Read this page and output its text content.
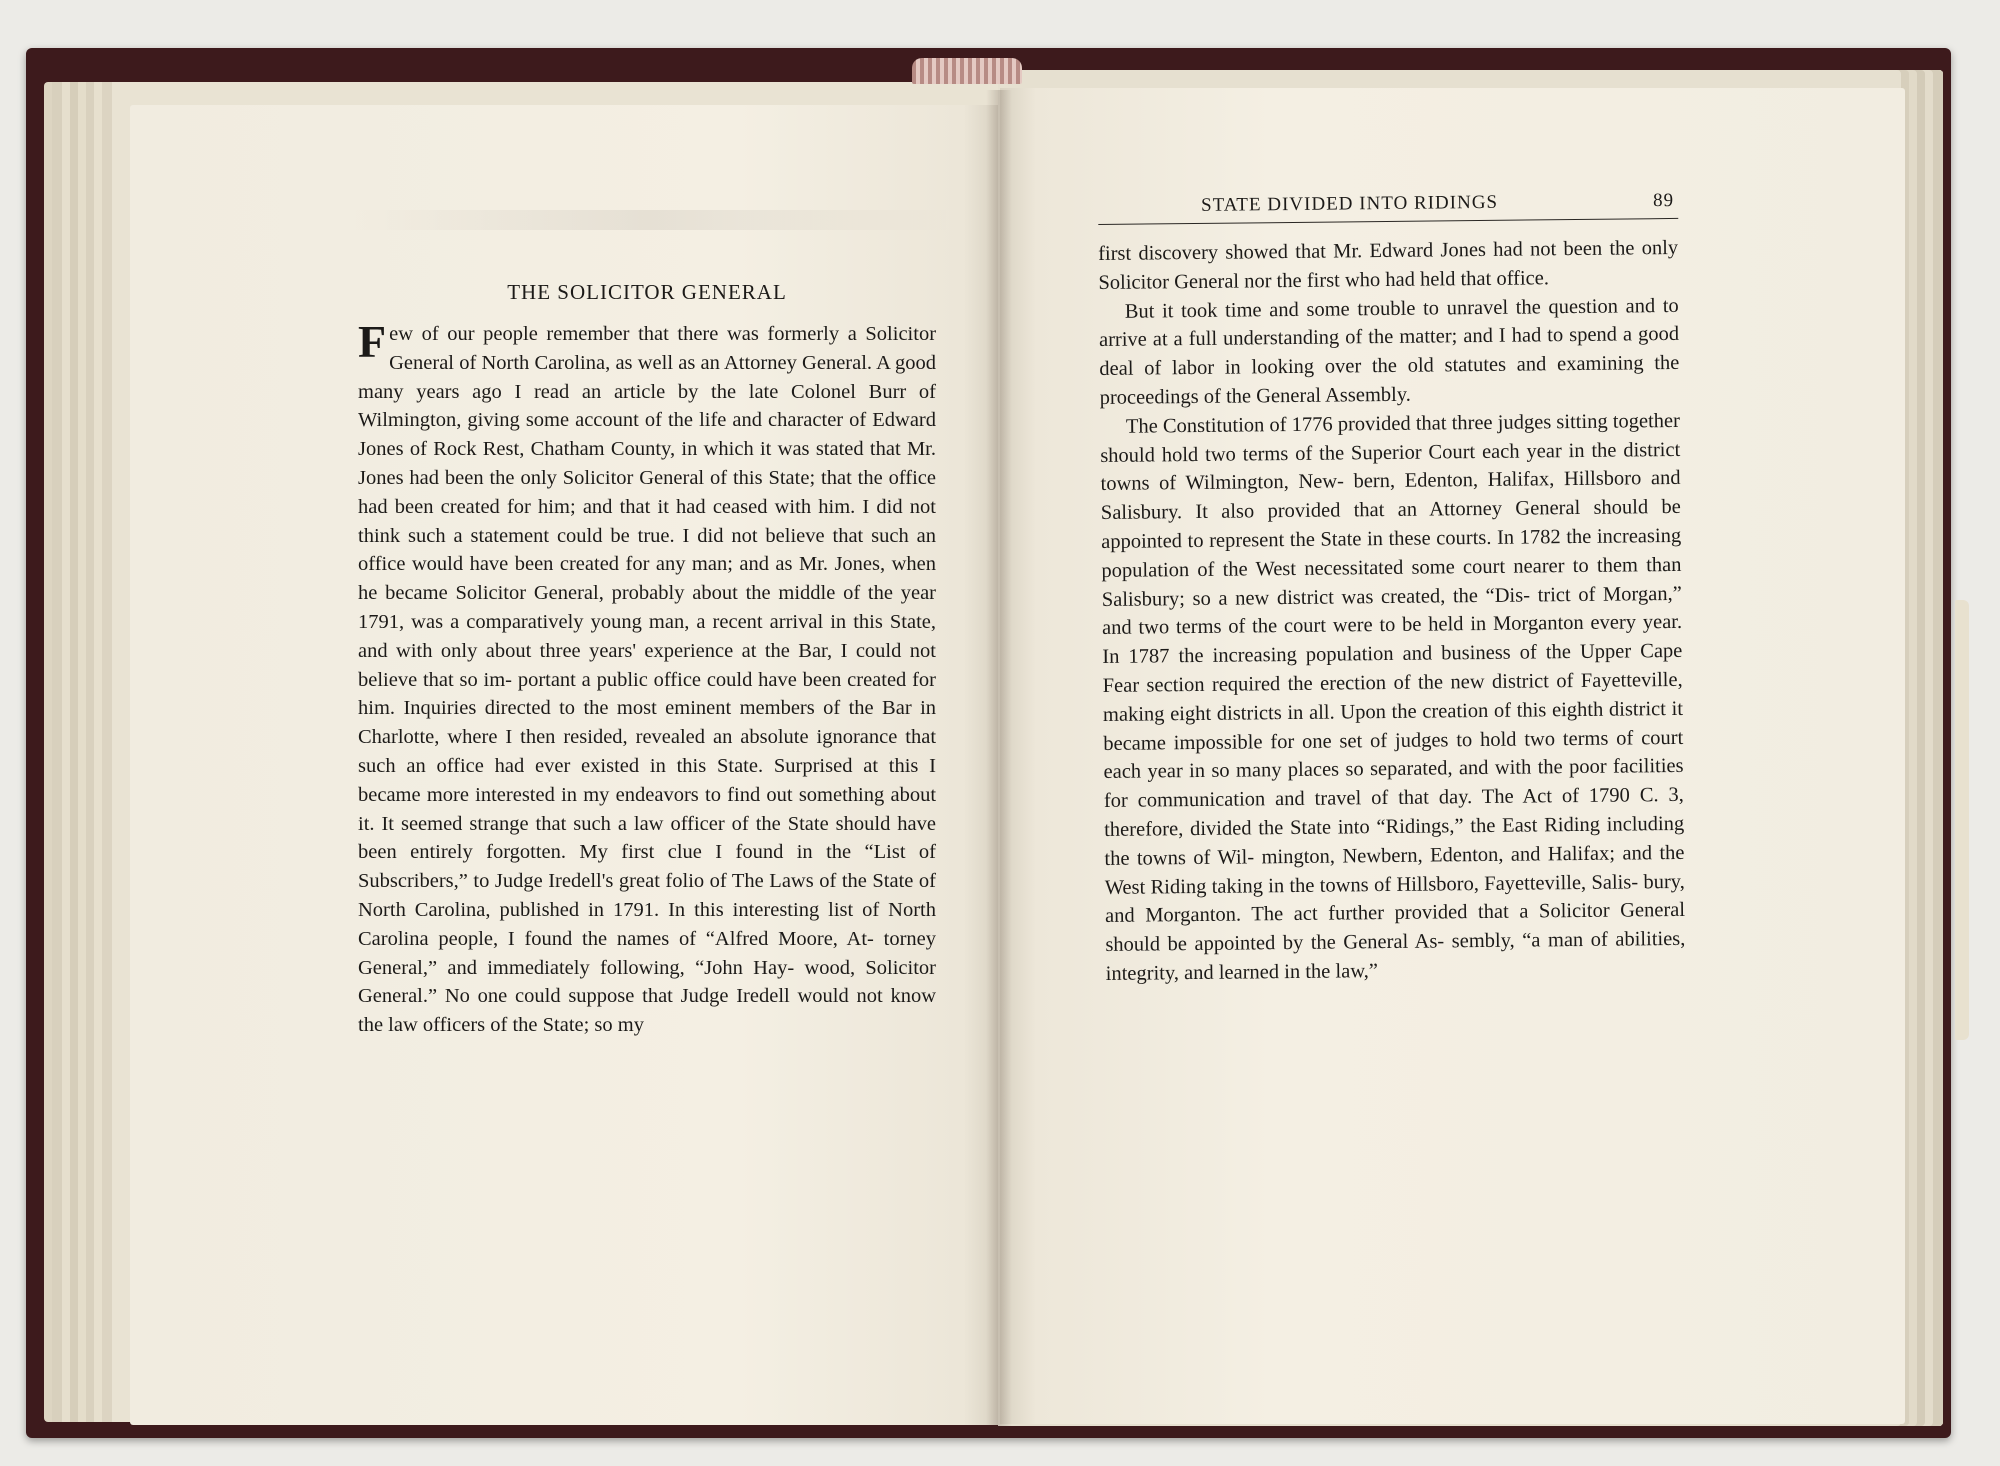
THE SOLICITOR GENERAL

Few of our people remember that there was formerly a Solicitor General of North Carolina, as well as an Attorney General. A good many years ago I read an article by the late Colonel Burr of Wilmington, giving some account of the life and character of Edward Jones of Rock Rest, Chatham County, in which it was stated that Mr. Jones had been the only Solicitor General of this State; that the office had been created for him; and that it had ceased with him. I did not think such a statement could be true. I did not believe that such an office would have been created for any man; and as Mr. Jones, when he became Solicitor General, probably about the middle of the year 1791, was a comparatively young man, a recent arrival in this State, and with only about three years' experience at the Bar, I could not believe that so im- portant a public office could have been created for him. Inquiries directed to the most eminent members of the Bar in Charlotte, where I then resided, revealed an absolute ignorance that such an office had ever existed in this State. Surprised at this I became more interested in my endeavors to find out something about it. It seemed strange that such a law officer of the State should have been entirely forgotten. My first clue I found in the “List of Subscribers,” to Judge Iredell's great folio of The Laws of the State of North Carolina, published in 1791. In this interesting list of North Carolina people, I found the names of “Alfred Moore, At- torney General,” and immediately following, “John Hay- wood, Solicitor General.” No one could suppose that Judge Iredell would not know the law officers of the State; so my

STATE DIVIDED INTO RIDINGS	89

first discovery showed that Mr. Edward Jones had not been the only Solicitor General nor the first who had held that office.

But it took time and some trouble to unravel the question and to arrive at a full understanding of the matter; and I had to spend a good deal of labor in looking over the old statutes and examining the proceedings of the General Assembly.

The Constitution of 1776 provided that three judges sitting together should hold two terms of the Superior Court each year in the district towns of Wilmington, New- bern, Edenton, Halifax, Hillsboro and Salisbury. It also provided that an Attorney General should be appointed to represent the State in these courts. In 1782 the increasing population of the West necessitated some court nearer to them than Salisbury; so a new district was created, the “Dis- trict of Morgan,” and two terms of the court were to be held in Morganton every year. In 1787 the increasing population and business of the Upper Cape Fear section required the erection of the new district of Fayetteville, making eight districts in all. Upon the creation of this eighth district it became impossible for one set of judges to hold two terms of court each year in so many places so separated, and with the poor facilities for communication and travel of that day. The Act of 1790 C. 3, therefore, divided the State into “Ridings,” the East Riding including the towns of Wil- mington, Newbern, Edenton, and Halifax; and the West Riding taking in the towns of Hillsboro, Fayetteville, Salis- bury, and Morganton. The act further provided that a Solicitor General should be appointed by the General As- sembly, “a man of abilities, integrity, and learned in the law,”
